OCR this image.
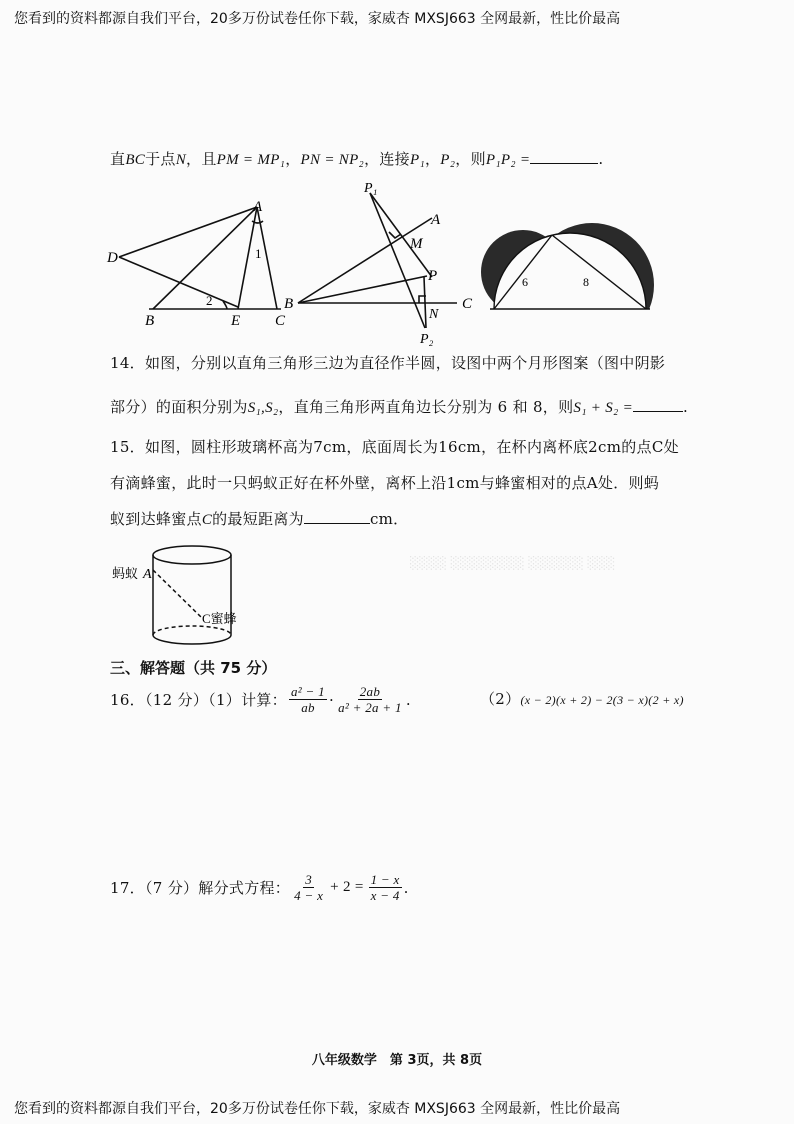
您看到的资料都源自我们平台，20多万份试卷任你下载，家威杏 MXSJ663 全网最新，性比价最高
直BC于点N，且PM = MP₁，PN = NP₂，连接P₁，P₂，则P₁P₂ =	.
A
D
B	E C
1
2
P₁
A
M
P
B
N
C
P₂
6	8
14．如图，分别以直角三角形三边为直径作半圆，设图中两个月形图案（图中阴影
部分）的面积分别为S₁,S₂，直角三角形两直角边长分别为 6 和 8，则S₁ + S₂ =	.
15．如图，圆柱形玻璃杯高为7cm，底面周长为16cm，在杯内离杯底2cm的点C处
有滴蜂蜜，此时一只蚂蚁正好在杯外壁，离杯上沿1cm与蜂蜜相对的点A处．则蚂
蚁到达蜂蜜点C的最短距离为	cm．
░░░░ ░░░░░░░░ ░░░░░░ ░░░
蚂蚁 A
C蜜蜂
三、解答题（共 75 分）
16．（12 分）（1）计算： $\frac{\text{a² − 1}}{ab} \cdot \frac{2ab}{\text{a² + 2a + 1}}$ .	（2）(x − 2)(x + 2) − 2(3 − x)(2 + x)
17．（7 分）解分式方程： $\frac{3}{4 - x} + 2 = \frac{1 - x}{x - 4}$ .
八年级数学　第 3页，共 8页
您看到的资料都源自我们平台，20多万份试卷任你下载，家威杏 MXSJ663 全网最新，性比价最高
